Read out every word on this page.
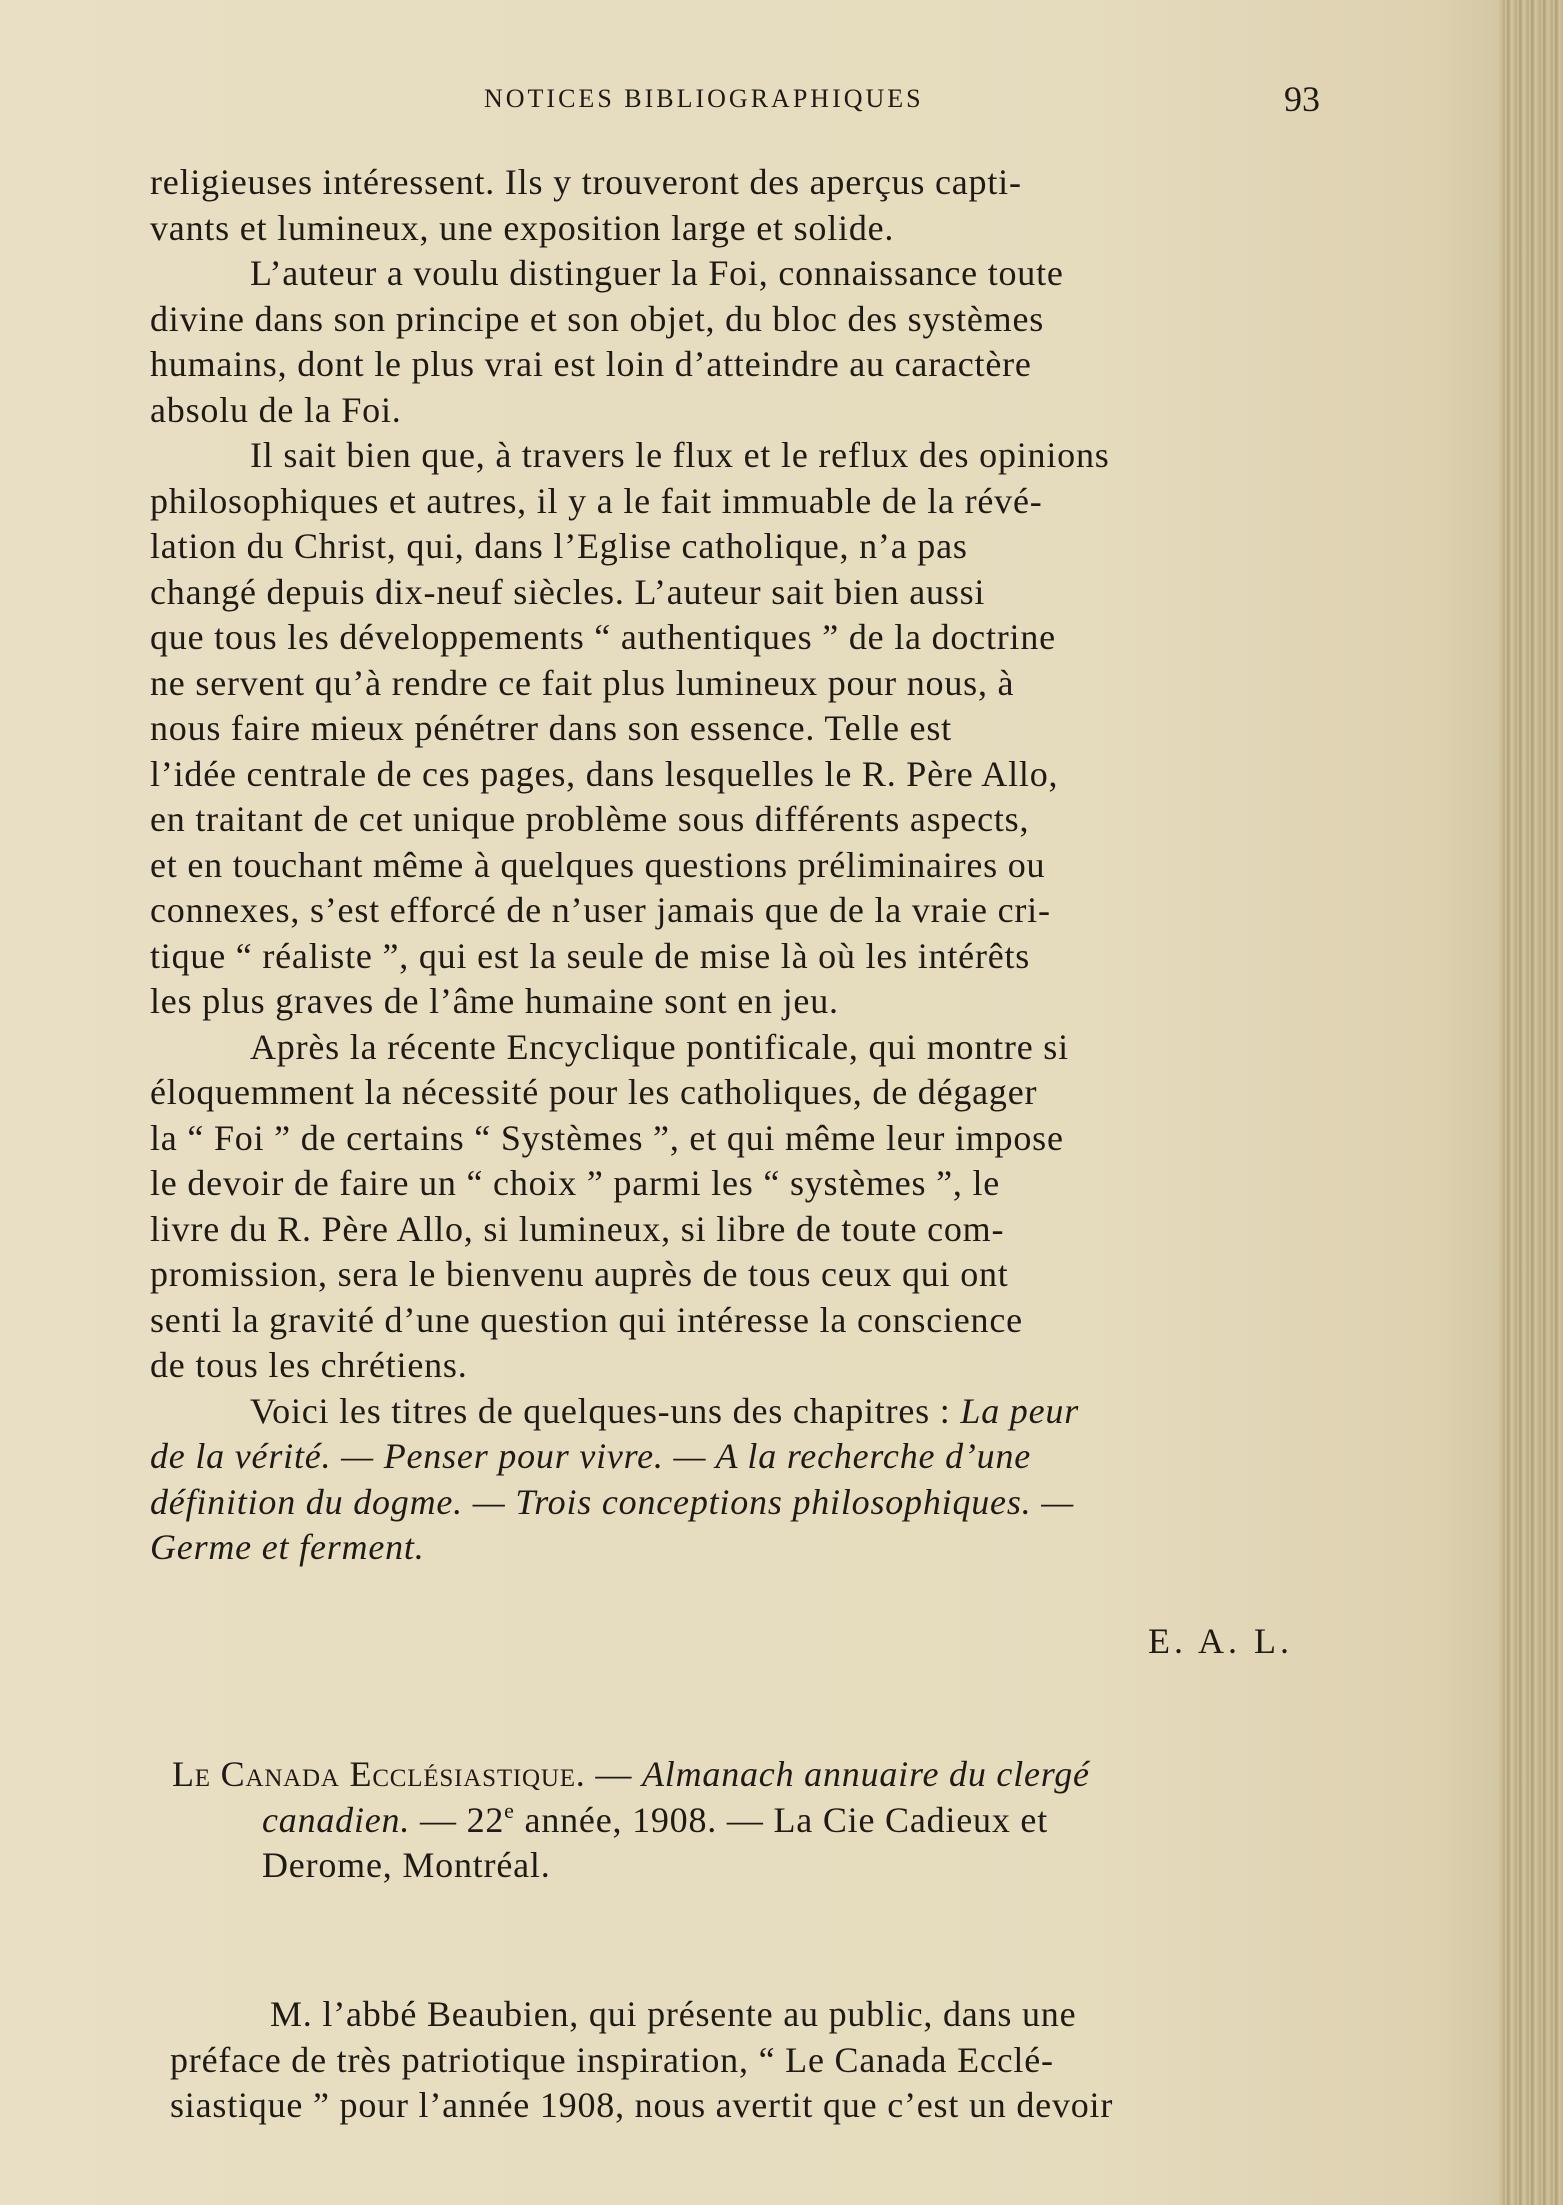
NOTICES BIBLIOGRAPHIQUES	93
religieuses intéressent. Ils y trouveront des aperçus capti-
vants et lumineux, une exposition large et solide.
L’auteur a voulu distinguer la Foi, connaissance toute
divine dans son principe et son objet, du bloc des systèmes
humains, dont le plus vrai est loin d’atteindre au caractère
absolu de la Foi.
Il sait bien que, à travers le flux et le reflux des opinions
philosophiques et autres, il y a le fait immuable de la révé-
lation du Christ, qui, dans l’Eglise catholique, n’a pas
changé depuis dix-neuf siècles. L’auteur sait bien aussi
que tous les développements “ authentiques ” de la doctrine
ne servent qu’à rendre ce fait plus lumineux pour nous, à
nous faire mieux pénétrer dans son essence. Telle est
l’idée centrale de ces pages, dans lesquelles le R. Père Allo,
en traitant de cet unique problème sous différents aspects,
et en touchant même à quelques questions préliminaires ou
connexes, s’est efforcé de n’user jamais que de la vraie cri-
tique “ réaliste ”, qui est la seule de mise là où les intérêts
les plus graves de l’âme humaine sont en jeu.
Après la récente Encyclique pontificale, qui montre si
éloquemment la nécessité pour les catholiques, de dégager
la “ Foi ” de certains “ Systèmes ”, et qui même leur impose
le devoir de faire un “ choix ” parmi les “ systèmes ”, le
livre du R. Père Allo, si lumineux, si libre de toute com-
promission, sera le bienvenu auprès de tous ceux qui ont
senti la gravité d’une question qui intéresse la conscience
de tous les chrétiens.
Voici les titres de quelques-uns des chapitres : La peur
de la vérité. — Penser pour vivre. — A la recherche d’une
définition du dogme. — Trois conceptions philosophiques. —
Germe et ferment.
E. A. L.
Le Canada Ecclésiastique. — Almanach annuaire du clergé
canadien. — 22e année, 1908. — La Cie Cadieux et
Derome, Montréal.
M. l’abbé Beaubien, qui présente au public, dans une
préface de très patriotique inspiration, “ Le Canada Ecclé-
siastique ” pour l’année 1908, nous avertit que c’est un devoir
